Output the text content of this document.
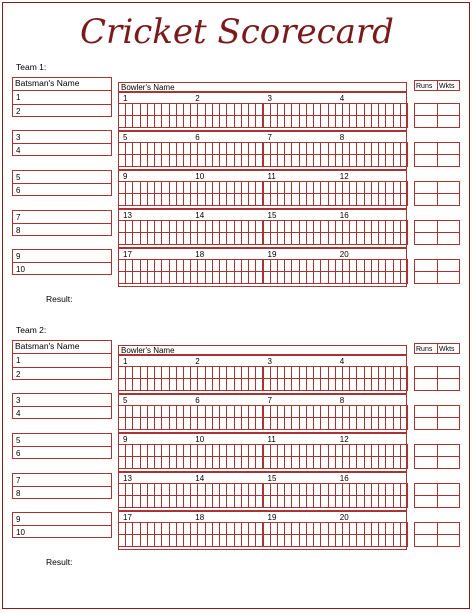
Cricket Scorecard
Team 1:
Batsman's Name
1
2
3
4
5
6
7
8
9
10
Bowler's Name
1	2	3	4
5	6	7	8
9	10	11	12
13	14	15	16
17	18	19	20
Runs Wkts
Result:
Team 2:
Batsman's Name
1
2
3
4
5
6
7
8
9
10
Bowler's Name
1	2	3	4
5	6	7	8
9	10	11	12
13	14	15	16
17	18	19	20
Runs Wkts
Result:
